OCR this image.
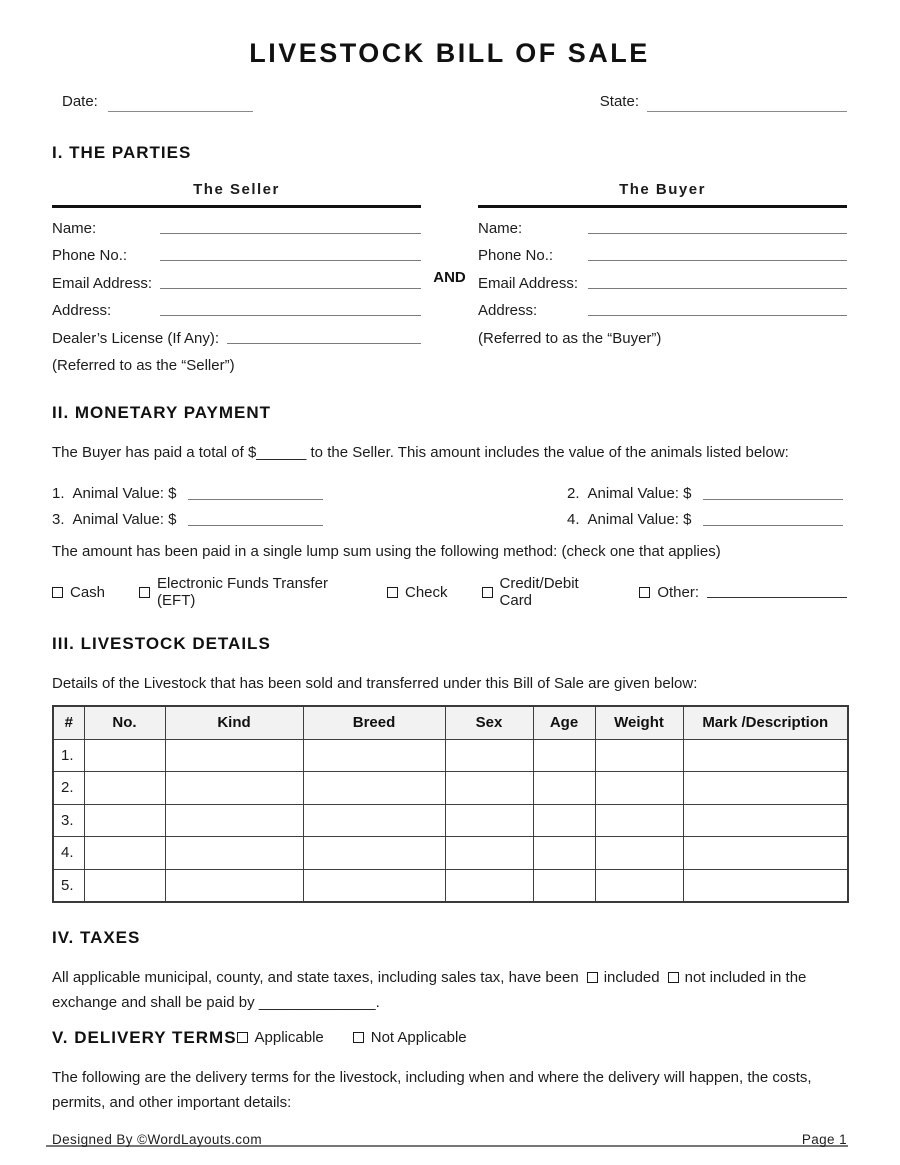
LIVESTOCK BILL OF SALE
Date:	State:
I. THE PARTIES
The Seller
Name:
Phone No.:
Email Address:
Address:
Dealer’s License (If Any):
(Referred to as the “Seller”)
The Buyer
Name:
Phone No.:
Email Address:
Address:
(Referred to as the “Buyer”)
AND
II. MONETARY PAYMENT
The Buyer has paid a total of $______ to the Seller. This amount includes the value of the animals listed below:
1. Animal Value: $	2. Animal Value: $
3. Animal Value: $	4. Animal Value: $
The amount has been paid in a single lump sum using the following method: (check one that applies)
Cash	Electronic Funds Transfer (EFT)	Check	Credit/Debit Card	Other:
III. LIVESTOCK DETAILS
Details of the Livestock that has been sold and transferred under this Bill of Sale are given below:
#	No.	Kind	Breed	Sex	Age	Weight	Mark /Description
1.							
2.							
3.							
4.							
5.							
IV. TAXES
All applicable municipal, county, and state taxes, including sales tax, have been included not included in the exchange and shall be paid by ______________.
V. DELIVERY TERMS Applicable	Not Applicable
The following are the delivery terms for the livestock, including when and where the delivery will happen, the costs, permits, and other important details:
Designed By ©WordLayouts.com	Page 1
